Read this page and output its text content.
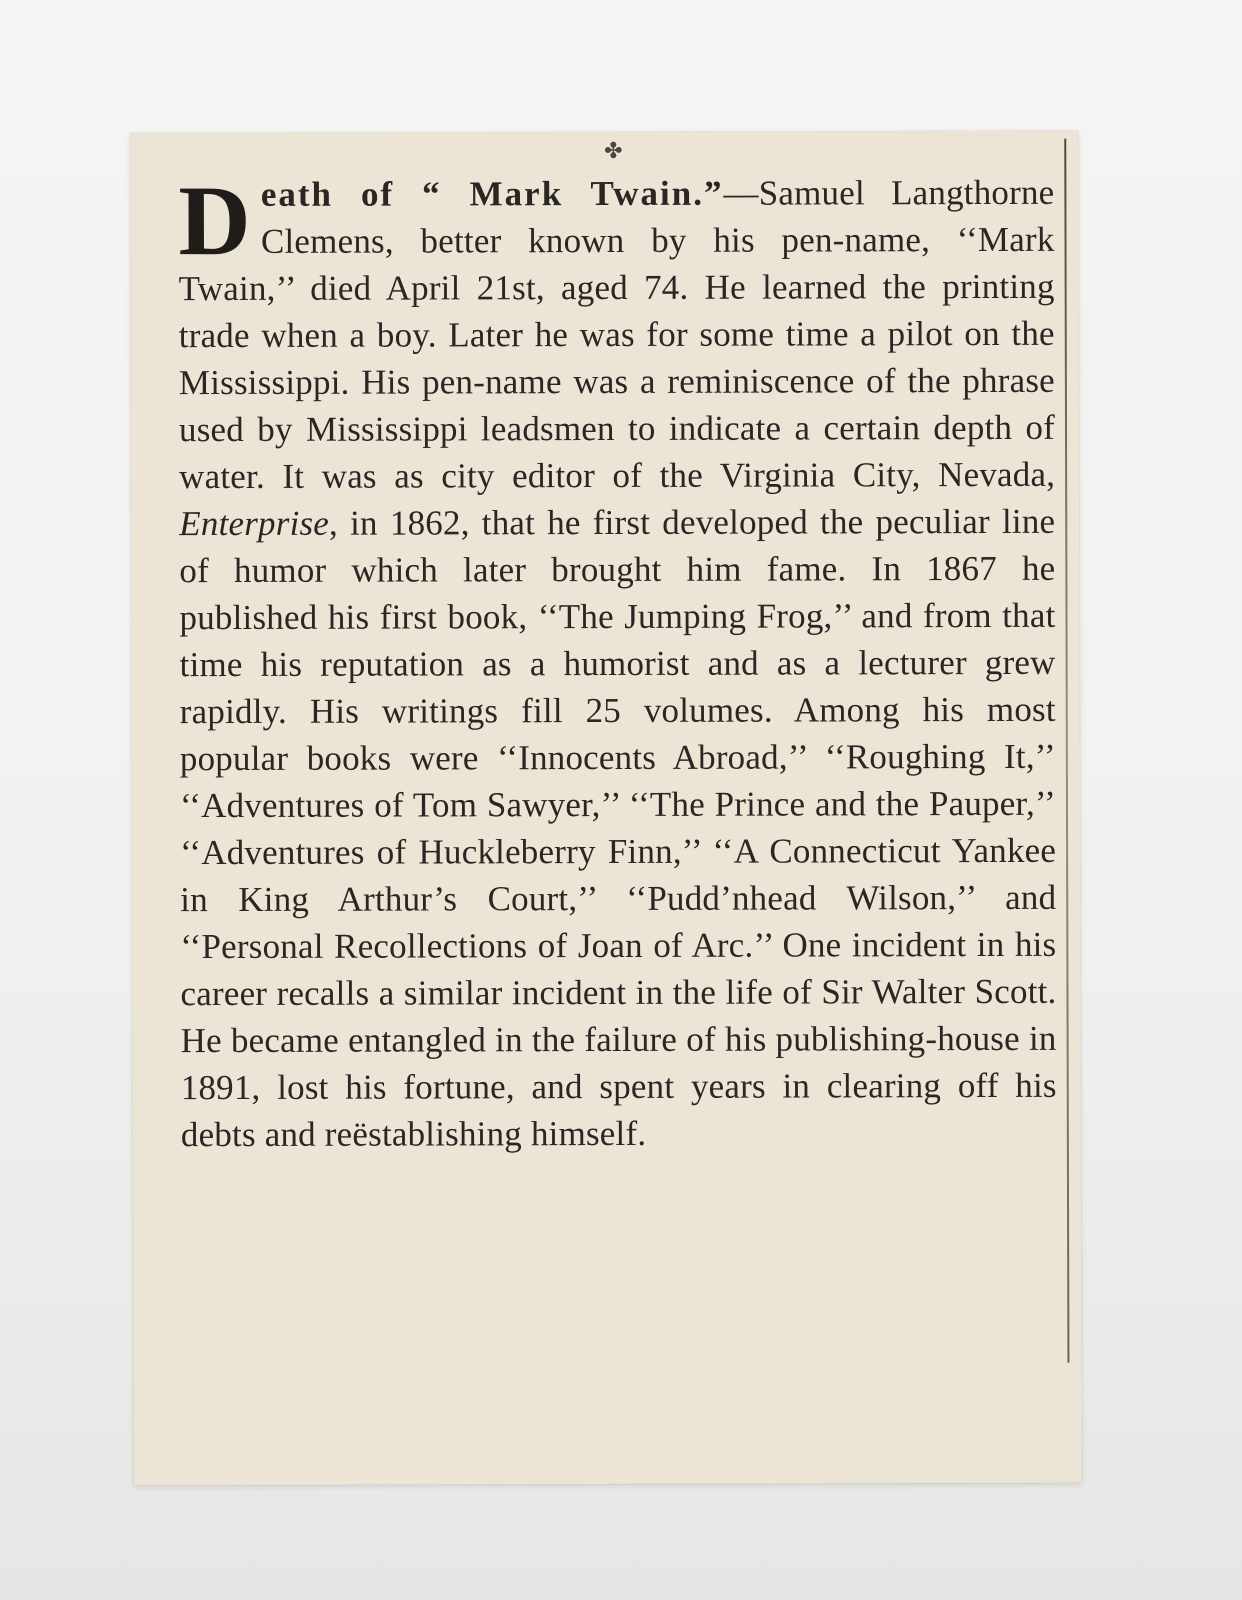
✤
Death of “ Mark Twain.”—Samuel Langthorne Clemens, better known by his pen-name, ‘‘Mark Twain,’’ died April 21st, aged 74. He learned the printing trade when a boy. Later he was for some time a pilot on the Mississippi. His pen-name was a reminiscence of the phrase used by Mississippi leadsmen to indicate a certain depth of water. It was as city editor of the Virginia City, Nevada, Enterprise, in 1862, that he first developed the peculiar line of humor which later brought him fame. In 1867 he published his first book, ‘‘The Jumping Frog,’’ and from that time his reputation as a humorist and as a lecturer grew rapidly. His writings fill 25 volumes. Among his most popular books were ‘‘Innocents Abroad,’’ ‘‘Roughing It,’’ ‘‘Adventures of Tom Sawyer,’’ ‘‘The Prince and the Pauper,’’ ‘‘Adventures of Huckleberry Finn,’’ ‘‘A Connecticut Yankee in King Arthur’s Court,’’ ‘‘Pudd’nhead Wilson,’’ and ‘‘Personal Recollections of Joan of Arc.’’ One incident in his career recalls a similar incident in the life of Sir Walter Scott. He became entangled in the failure of his publishing-house in 1891, lost his fortune, and spent years in clearing off his debts and reëstablishing himself.
